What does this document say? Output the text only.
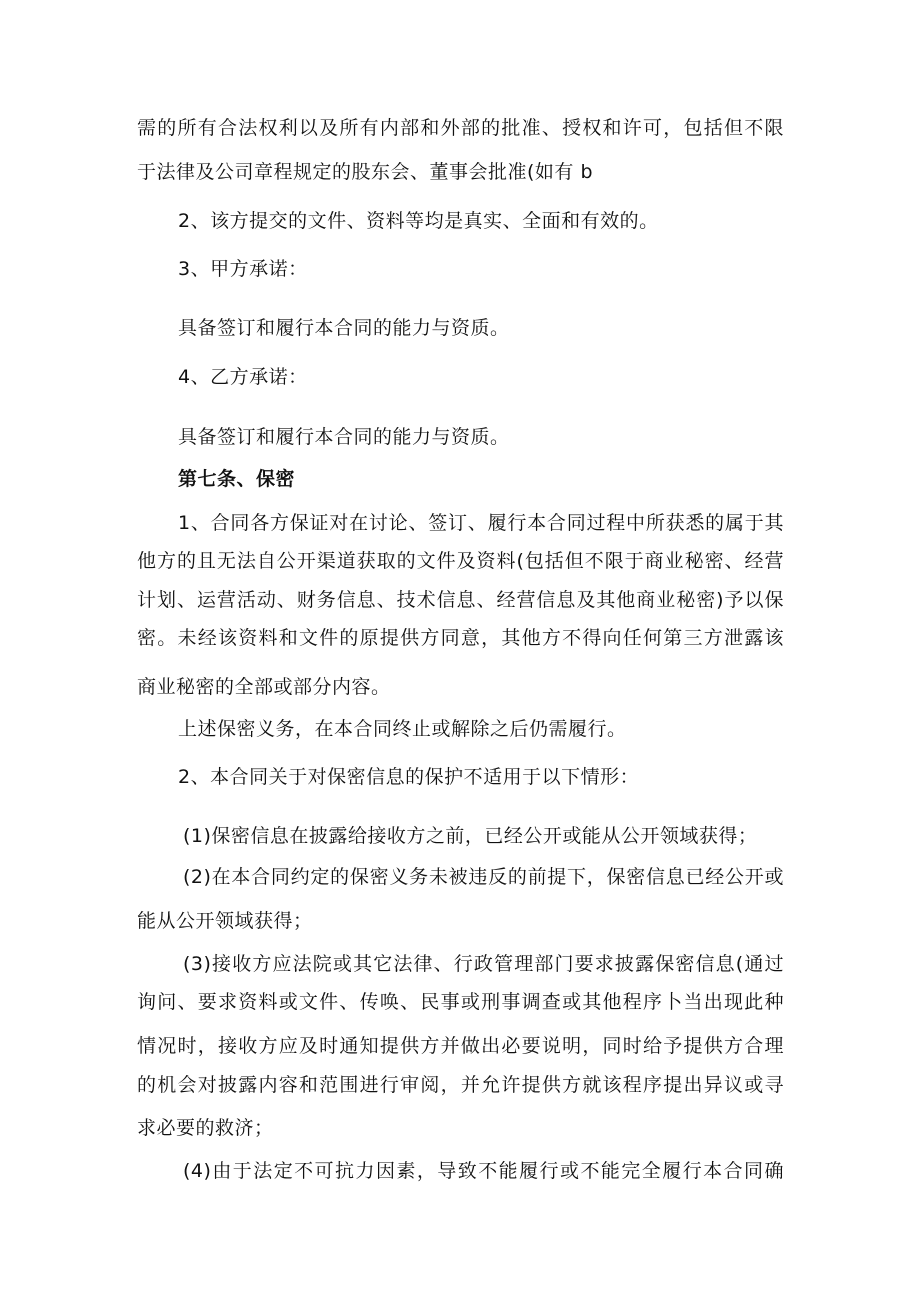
需的所有合法权利以及所有内部和外部的批准、授权和许可，包括但不限
于法律及公司章程规定的股东会、董事会批准(如有 b
2、该方提交的文件、资料等均是真实、全面和有效的。
3、甲方承诺：
具备签订和履行本合同的能力与资质。
4、乙方承诺：
具备签订和履行本合同的能力与资质。
第七条、保密
1、合同各方保证对在讨论、签订、履行本合同过程中所获悉的属于其
他方的且无法自公开渠道获取的文件及资料(包括但不限于商业秘密、经营
计划、运营活动、财务信息、技术信息、经营信息及其他商业秘密)予以保
密。未经该资料和文件的原提供方同意，其他方不得向任何第三方泄露该
商业秘密的全部或部分内容。
上述保密义务，在本合同终止或解除之后仍需履行。
2、本合同关于对保密信息的保护不适用于以下情形：
(1)保密信息在披露给接收方之前，已经公开或能从公开领域获得；
(2)在本合同约定的保密义务未被违反的前提下，保密信息已经公开或
能从公开领域获得；
(3)接收方应法院或其它法律、行政管理部门要求披露保密信息(通过
询问、要求资料或文件、传唤、民事或刑事调查或其他程序卜当出现此种
情况时，接收方应及时通知提供方并做出必要说明，同时给予提供方合理
的机会对披露内容和范围进行审阅，并允许提供方就该程序提出异议或寻
求必要的救济；
(4)由于法定不可抗力因素，导致不能履行或不能完全履行本合同确
